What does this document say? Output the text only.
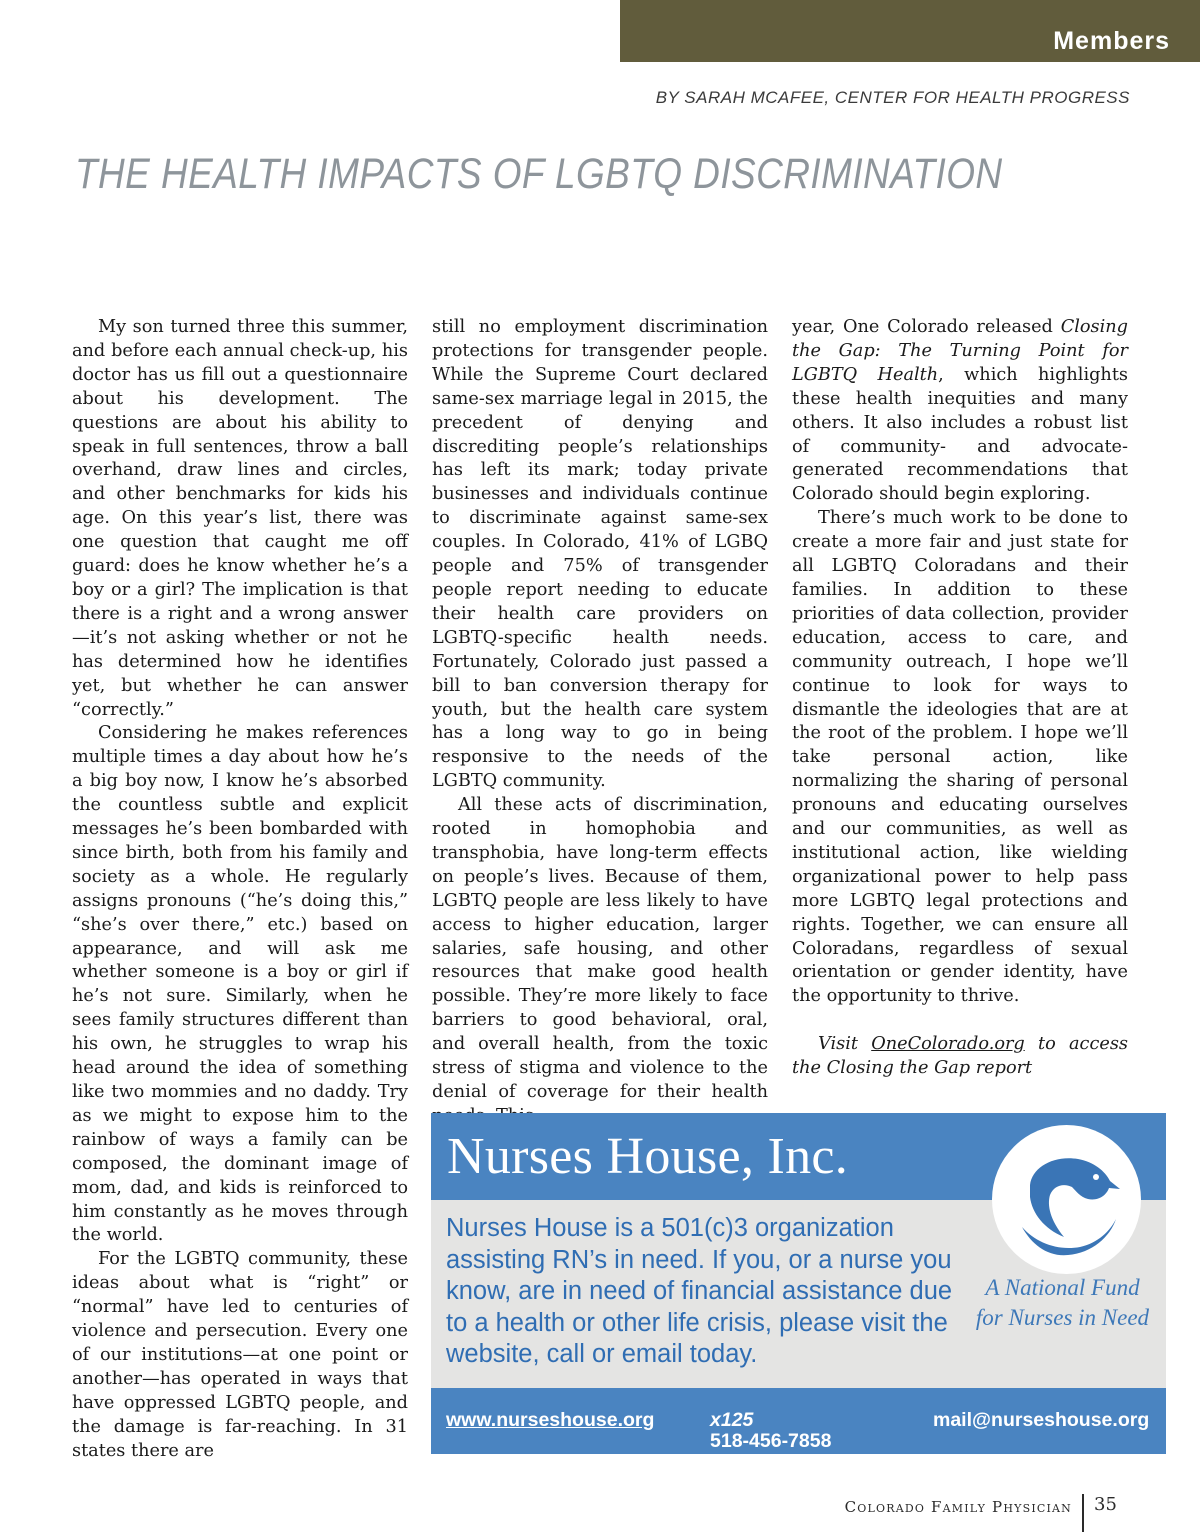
Members
BY SARAH MCAFEE, CENTER FOR HEALTH PROGRESS
THE HEALTH IMPACTS OF LGBTQ DISCRIMINATION

My son turned three this summer, and before each annual check-up, his doctor has us fill out a questionnaire about his development. The questions are about his ability to speak in full sentences, throw a ball overhand, draw lines and circles, and other benchmarks for kids his age. On this year’s list, there was one question that caught me off guard: does he know whether he’s a boy or a girl? The implication is that there is a right and a wrong answer—it’s not asking whether or not he has determined how he identifies yet, but whether he can answer “correctly.”

Considering he makes references multiple times a day about how he’s a big boy now, I know he’s absorbed the countless subtle and explicit messages he’s been bombarded with since birth, both from his family and society as a whole. He regularly assigns pronouns (“he’s doing this,” “she’s over there,” etc.) based on appearance, and will ask me whether someone is a boy or girl if he’s not sure. Similarly, when he sees family structures different than his own, he struggles to wrap his head around the idea of something like two mommies and no daddy. Try as we might to expose him to the rainbow of ways a family can be composed, the dominant image of mom, dad, and kids is reinforced to him constantly as he moves through the world.

For the LGBTQ community, these ideas about what is “right” or “normal” have led to centuries of violence and persecution. Every one of our institutions—at one point or another—has operated in ways that have oppressed LGBTQ people, and the damage is far-reaching. In 31 states there are

still no employment discrimination protections for transgender people. While the Supreme Court declared same-sex marriage legal in 2015, the precedent of denying and discrediting people’s relationships has left its mark; today private businesses and individuals continue to discriminate against same-sex couples. In Colorado, 41% of LGBQ people and 75% of transgender people report needing to educate their health care providers on LGBTQ-specific health needs. Fortunately, Colorado just passed a bill to ban conversion therapy for youth, but the health care system has a long way to go in being responsive to the needs of the LGBTQ community.

All these acts of discrimination, rooted in homophobia and transphobia, have long-term effects on people’s lives. Because of them, LGBTQ people are less likely to have access to higher education, larger salaries, safe housing, and other resources that make good health possible. They’re more likely to face barriers to good behavioral, oral, and overall health, from the toxic stress of stigma and violence to the denial of coverage for their health

year, One Colorado released Closing the Gap: The Turning Point for LGBTQ Health, which highlights these health inequities and many others. It also includes a robust list of community- and advocate-generated recommendations that Colorado should begin exploring.

There’s much work to be done to create a more fair and just state for all LGBTQ Coloradans and their families. In addition to these priorities of data collection, provider education, access to care, and community outreach, I hope we’ll continue to look for ways to dismantle the ideologies that are at the root of the problem. I hope we’ll take personal action, like normalizing the sharing of personal pronouns and educating ourselves and our communities, as well as institutional action, like wielding organizational power to help pass more LGBTQ legal protections and rights. Together, we can ensure all Coloradans, regardless of sexual orientation or gender identity, have the opportunity to thrive.

Visit OneColorado.org to access the Closing the Gap report

Nurses House, Inc.
Nurses House is a 501(c)3 organization assisting RN’s in need. If you, or a nurse you know, are in need of financial assistance due to a health or other life crisis, please visit the website, call or email today.
A National Fund
for Nurses in Need
www.nurseshouse.org
518-456-7858
x125	mail@nurseshouse.org
Colorado Family Physician 35
